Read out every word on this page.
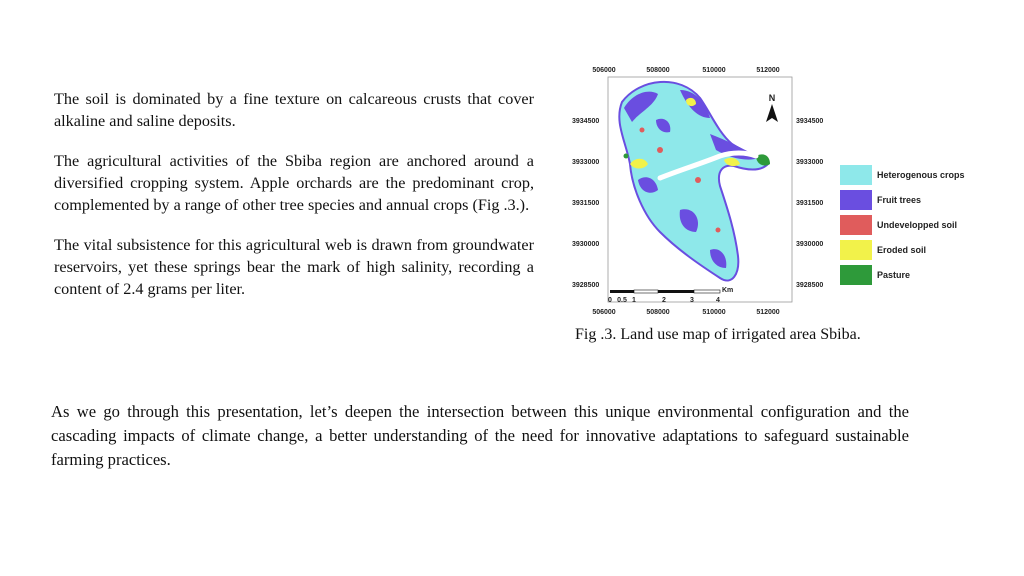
The soil is dominated by a fine texture on calcareous crusts that cover alkaline and saline deposits.

The agricultural activities of the Sbiba region are anchored around a diversified cropping system. Apple orchards are the predominant crop, complemented by a range of other tree species and annual crops (Fig .3.).

The vital subsistence for this agricultural web is drawn from groundwater reservoirs, yet these springs bear the mark of high salinity, recording a content of 2.4 grams per liter.

506000	508000	510000	512000
506000	508000	510000	512000
3934500
3933000
3931500
3930000
3928500
3934500
3933000
3931500
3930000
3928500
N
Km
0 0.5 1	2	3	4
Heterogenous crops
Fruit trees
Undevelopped soil
Eroded soil
Pasture

Fig .3. Land use map of irrigated area Sbiba.

As we go through this presentation, let’s deepen the intersection between this unique environmental configuration and the cascading impacts of climate change, a better understanding of the need for innovative adaptations to safeguard sustainable farming practices.
